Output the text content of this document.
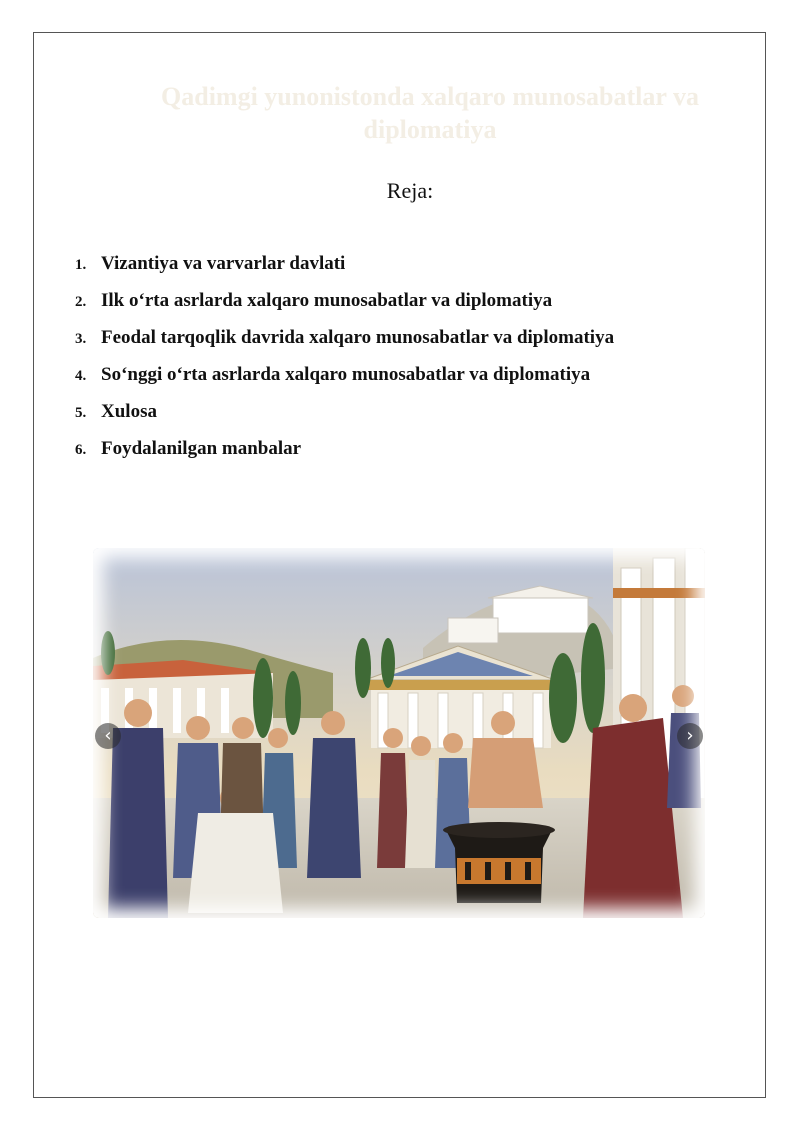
Qadimgi yunonistonda xalqaro munosabatlar va diplomatiya
Reja:
1. Vizantiya va varvarlar davlati
2. Ilk o‘rta asrlarda xalqaro munosabatlar va diplomatiya
3. Feodal tarqoqlik davrida xalqaro munosabatlar va diplomatiya
4. So‘nggi o‘rta asrlarda xalqaro munosabatlar va diplomatiya
5. Xulosa
6. Foydalanilgan manbalar
‹	›
